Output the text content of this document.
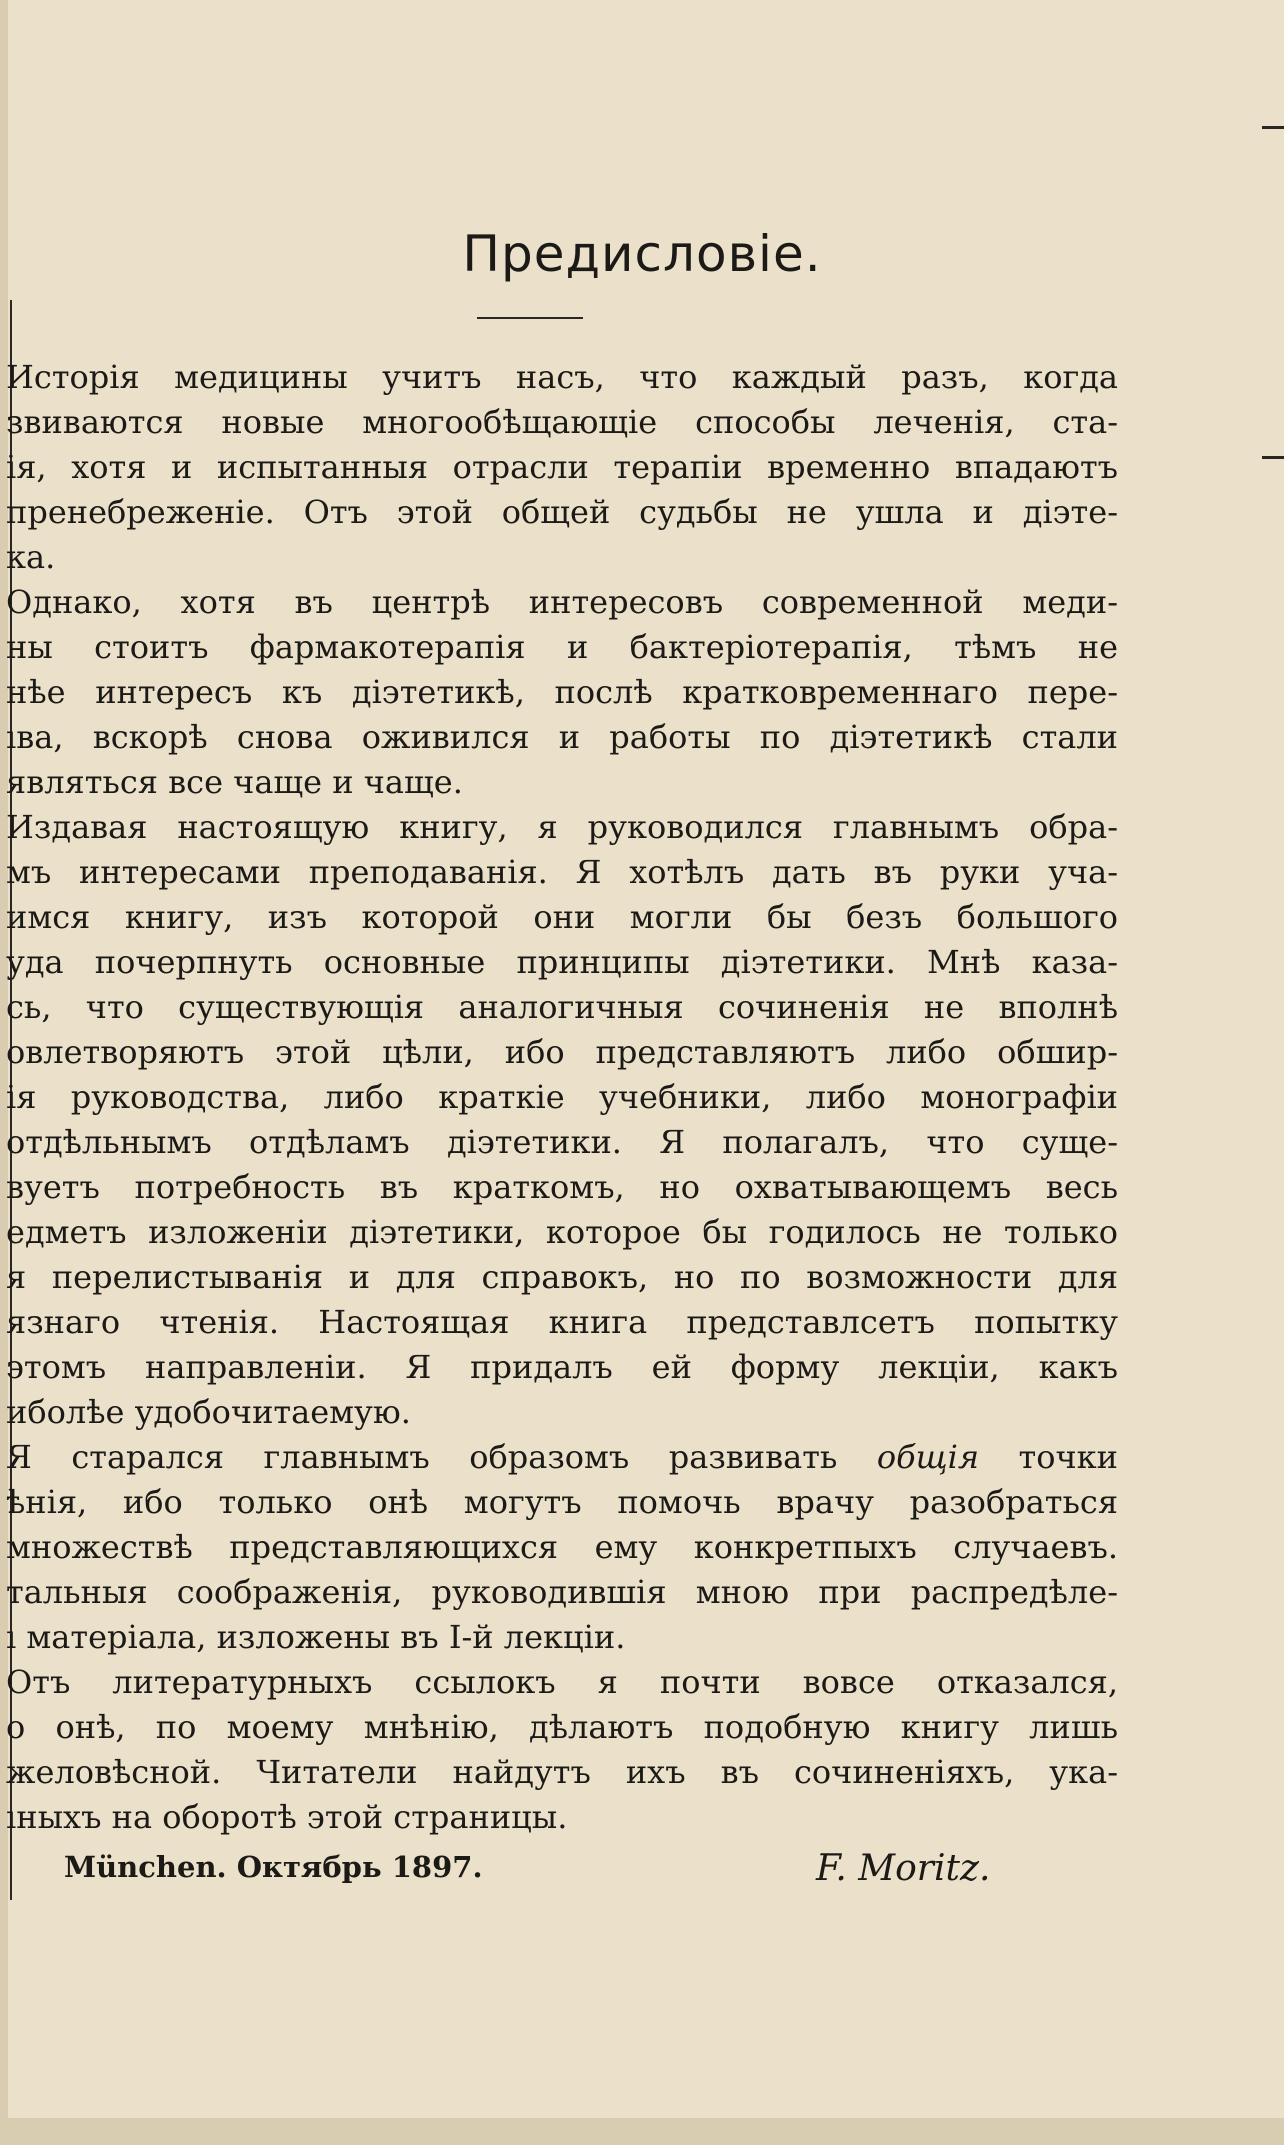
Предисловіе.
Исторія медицины учитъ насъ, что каждый разъ, когда
звиваются новые многообѣщающіе способы леченія, ста-
ія, хотя и испытанныя отрасли терапіи временно впадаютъ
пренебреженіе. Отъ этой общей судьбы не ушла и діэте-
ка.
Однако, хотя въ центрѣ интересовъ современной меди-
ны стоитъ фармакотерапія и бактеріотерапія, тѣмъ не
нѣе интересъ къ діэтетикѣ, послѣ кратковременнаго пере-
ıва, вскорѣ снова оживился и работы по діэтетикѣ стали
являться все чаще и чаще.
Издавая настоящую книгу, я руководился главнымъ обра-
мъ интересами преподаванія. Я хотѣлъ дать въ руки уча-
имся книгу, изъ которой они могли бы безъ большого
уда почерпнуть основные принципы діэтетики. Мнѣ каза-
сь, что существующія аналогичныя сочиненія не вполнѣ
овлетворяютъ этой цѣли, ибо представляютъ либо обшир-
ія руководства, либо краткіе учебники, либо монографіи
отдѣльнымъ отдѣламъ діэтетики. Я полагалъ, что суще-
вуетъ потребность въ краткомъ, но охватывающемъ весь
едметъ изложеніи діэтетики, которое бы годилось не только
я перелистыванія и для справокъ, но по возможности для
язнаго чтенія. Настоящая книга представлсетъ попытку
этомъ направленіи. Я придалъ ей форму лекціи, какъ
иболѣе удобочитаемую.
Я старался главнымъ образомъ развивать общія точки
ѣнія, ибо только онѣ могутъ помочь врачу разобраться
множествѣ представляющихся ему конкретпыхъ случаевъ.
тальныя соображенія, руководившія мною при распредѣле-
ı матеріала, изложены въ I-й лекціи.
Отъ литературныхъ ссылокъ я почти вовсе отказался,
о онѣ, по моему мнѣнію, дѣлаютъ подобную книгу лишь
желовѣсной. Читатели найдутъ ихъ въ сочиненіяхъ, ука-
ıныхъ на оборотѣ этой страницы.
München. Октябрь 1897.	F. Moritz.
